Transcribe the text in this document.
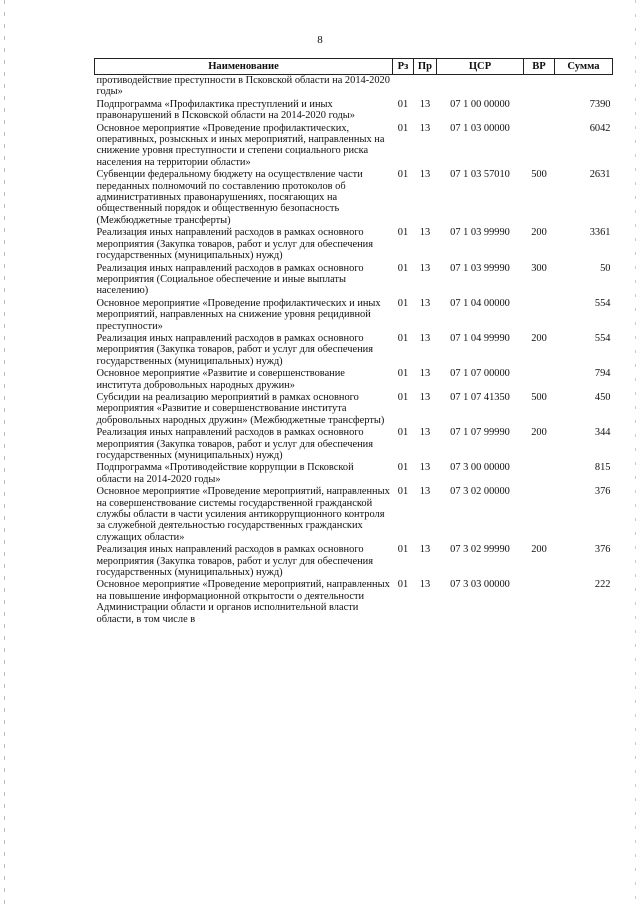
8
Наименование	Рз	Пр	ЦСР	ВР	Сумма
противодействие преступности в Псковской области на 2014-2020 годы»					
Подпрограмма «Профилактика преступлений и иных правонарушений в Псковской области на 2014-2020 годы»	01	13	07 1 00 00000		7390
Основное мероприятие «Проведение профилактических, оперативных, розыскных и иных мероприятий, направленных на снижение уровня преступности и степени социального риска населения на территории области»	01	13	07 1 03 00000		6042
Субвенции федеральному бюджету на осуществление части переданных полномочий по составлению протоколов об административных правонарушениях, посягающих на общественный порядок и общественную безопасность (Межбюджетные трансферты)	01	13	07 1 03 57010	500	2631
Реализация иных направлений расходов в рамках основного мероприятия (Закупка товаров, работ и услуг для обеспечения государственных (муниципальных) нужд)	01	13	07 1 03 99990	200	3361
Реализация иных направлений расходов в рамках основного мероприятия (Социальное обеспечение и иные выплаты населению)	01	13	07 1 03 99990	300	50
Основное мероприятие «Проведение профилактических и иных мероприятий, направленных на снижение уровня рецидивной преступности»	01	13	07 1 04 00000		554
Реализация иных направлений расходов в рамках основного мероприятия (Закупка товаров, работ и услуг для обеспечения государственных (муниципальных) нужд)	01	13	07 1 04 99990	200	554
Основное мероприятие «Развитие и совершенствование института добровольных народных дружин»	01	13	07 1 07 00000		794
Субсидии на реализацию мероприятий в рамках основного мероприятия «Развитие и совершенствование института добровольных народных дружин» (Межбюджетные трансферты)	01	13	07 1 07 41350	500	450
Реализация иных направлений расходов в рамках основного мероприятия (Закупка товаров, работ и услуг для обеспечения государственных (муниципальных) нужд)	01	13	07 1 07 99990	200	344
Подпрограмма «Противодействие коррупции в Псковской области на 2014-2020 годы»	01	13	07 3 00 00000		815
Основное мероприятие «Проведение мероприятий, направленных на совершенствование системы государственной гражданской службы области в части усиления антикоррупционного контроля за служебной деятельностью государственных гражданских служащих области»	01	13	07 3 02 00000		376
Реализация иных направлений расходов в рамках основного мероприятия (Закупка товаров, работ и услуг для обеспечения государственных (муниципальных) нужд)	01	13	07 3 02 99990	200	376
Основное мероприятие «Проведение мероприятий, направленных на повышение информационной открытости о деятельности Администрации области и органов исполнительной власти области, в том числе в	01	13	07 3 03 00000		222
